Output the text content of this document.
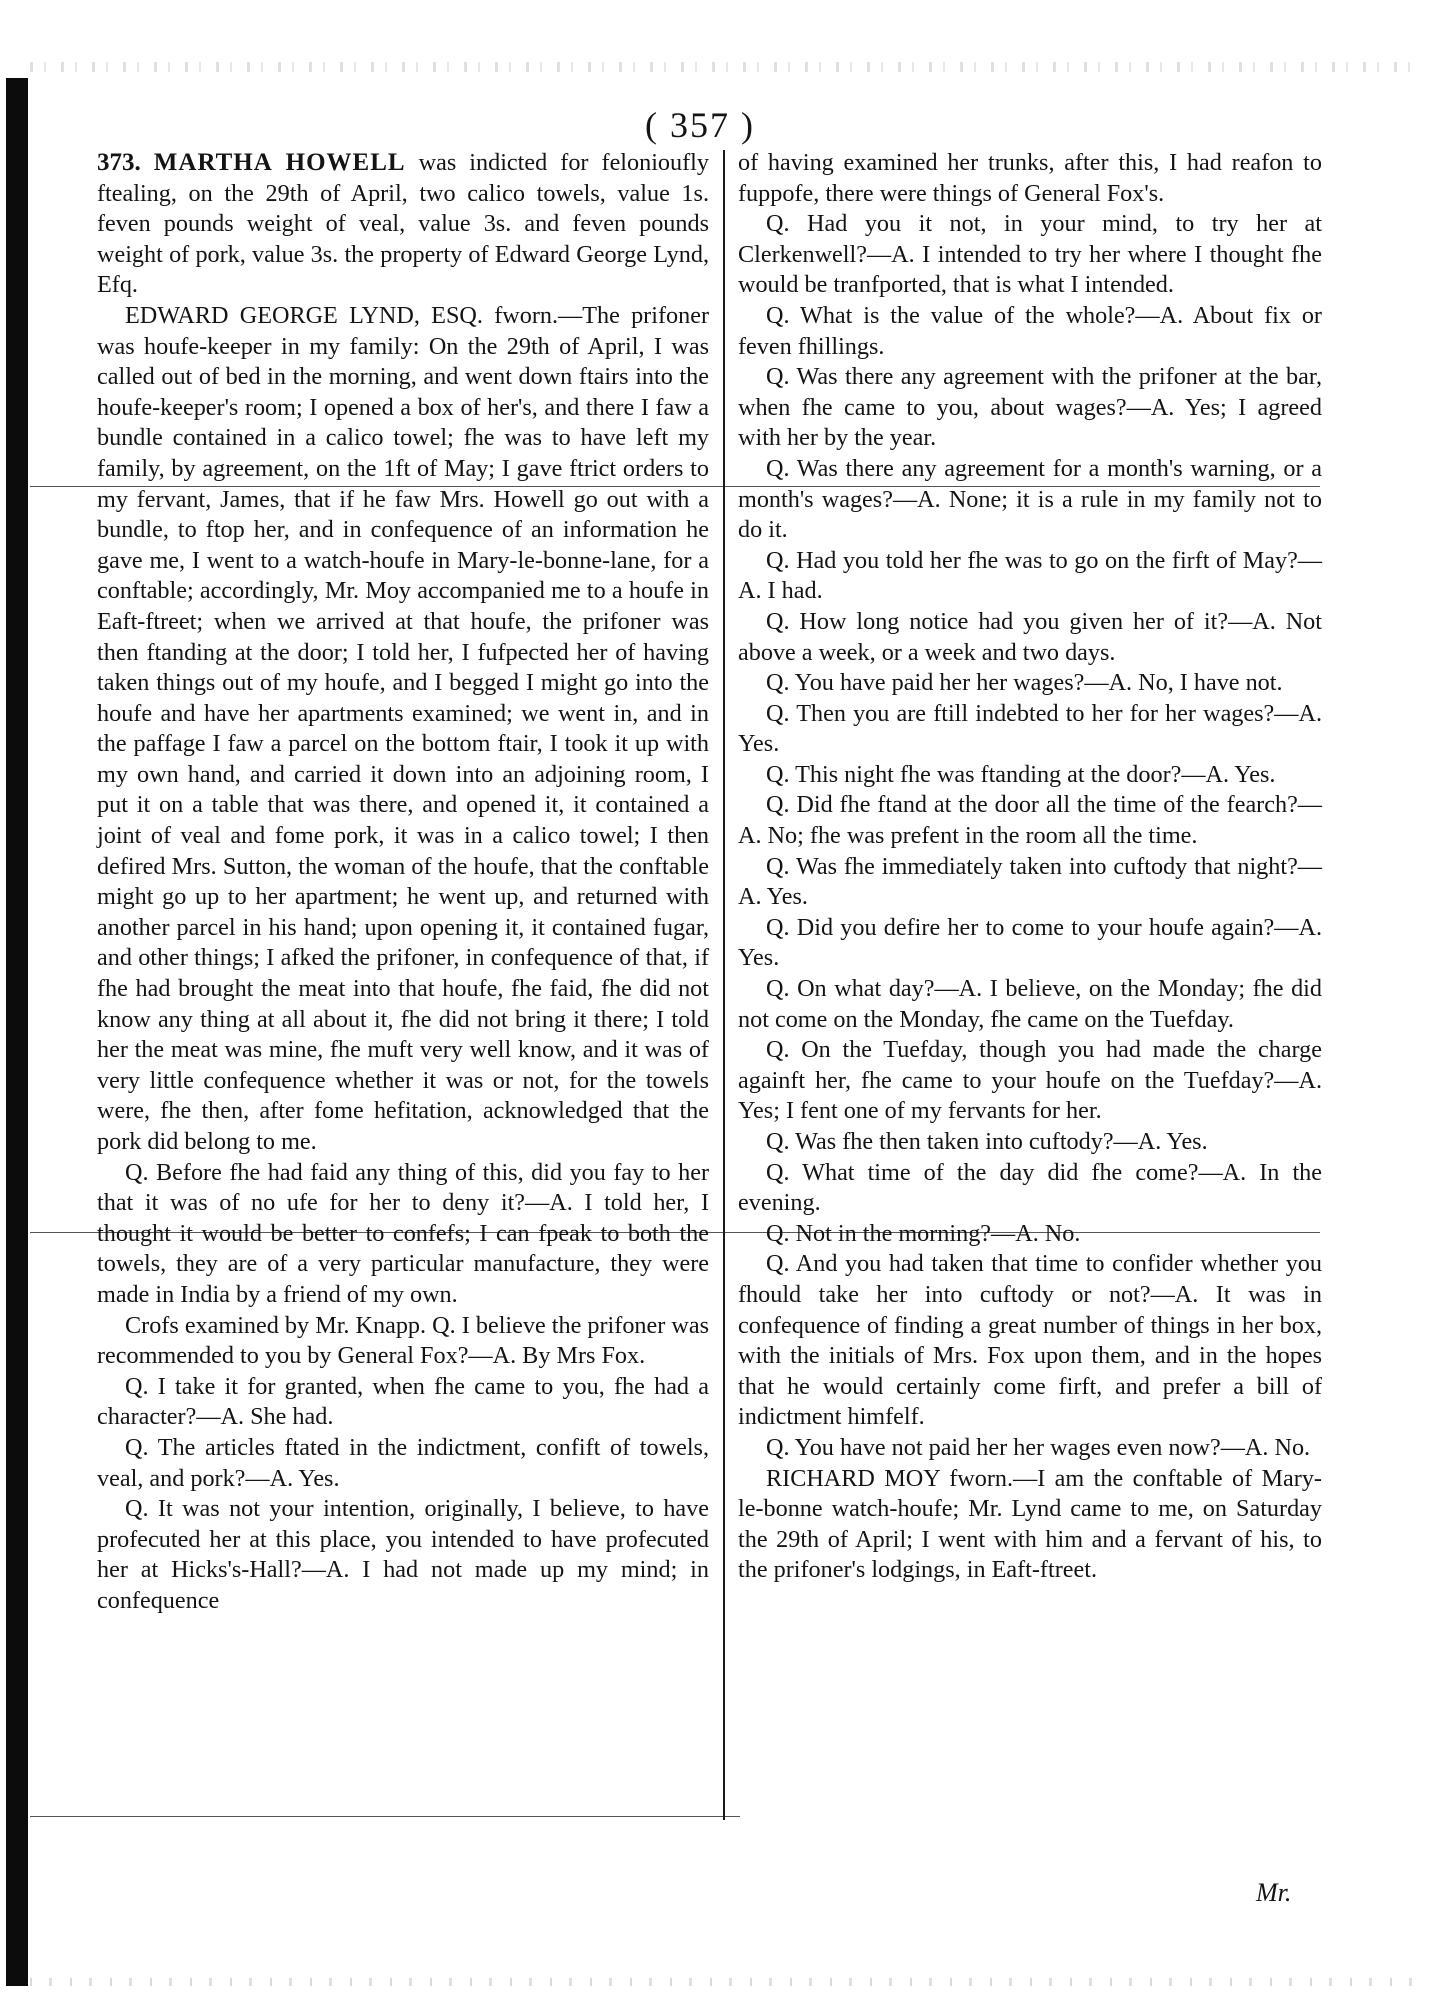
( 357 )

373. MARTHA HOWELL was indicted for felonioufly ftealing, on the 29th of April, two calico towels, value 1s. feven pounds weight of veal, value 3s. and feven pounds weight of pork, value 3s. the property of Edward George Lynd, Efq.

EDWARD GEORGE LYND, ESQ. fworn.—The prifoner was houfe-keeper in my family: On the 29th of April, I was called out of bed in the morning, and went down ftairs into the houfe-keeper's room; I opened a box of her's, and there I faw a bundle contained in a calico towel; fhe was to have left my family, by agreement, on the 1ft of May; I gave ftrict orders to my fervant, James, that if he faw Mrs. Howell go out with a bundle, to ftop her, and in confequence of an information he gave me, I went to a watch-houfe in Mary-le-bonne-lane, for a conftable; accordingly, Mr. Moy accompanied me to a houfe in Eaft-ftreet; when we arrived at that houfe, the prifoner was then ftanding at the door; I told her, I fufpected her of having taken things out of my houfe, and I begged I might go into the houfe and have her apartments examined; we went in, and in the paffage I faw a parcel on the bottom ftair, I took it up with my own hand, and carried it down into an adjoining room, I put it on a table that was there, and opened it, it contained a joint of veal and fome pork, it was in a calico towel; I then defired Mrs. Sutton, the woman of the houfe, that the conftable might go up to her apartment; he went up, and returned with another parcel in his hand; upon opening it, it contained fugar, and other things; I afked the prifoner, in confequence of that, if fhe had brought the meat into that houfe, fhe faid, fhe did not know any thing at all about it, fhe did not bring it there; I told her the meat was mine, fhe muft very well know, and it was of very little confequence whether it was or not, for the towels were, fhe then, after fome hefitation, acknowledged that the pork did belong to me.

Q. Before fhe had faid any thing of this, did you fay to her that it was of no ufe for her to deny it?—A. I told her, I thought it would be better to confefs; I can fpeak to both the towels, they are of a very particular manufacture, they were made in India by a friend of my own.

Crofs examined by Mr. Knapp. Q. I believe the prifoner was recommended to you by General Fox?—A. By Mrs Fox.

Q. I take it for granted, when fhe came to you, fhe had a character?—A. She had.

Q. The articles ftated in the indictment, confift of towels, veal, and pork?—A. Yes.

Q. It was not your intention, originally, I believe, to have profecuted her at this place, you intended to have profecuted her at Hicks's-Hall?—A. I had not made up my mind; in confequence

of having examined her trunks, after this, I had reafon to fuppofe, there were things of General Fox's.

Q. Had you it not, in your mind, to try her at Clerkenwell?—A. I intended to try her where I thought fhe would be tranfported, that is what I intended.

Q. What is the value of the whole?—A. About fix or feven fhillings.

Q. Was there any agreement with the prifoner at the bar, when fhe came to you, about wages?—A. Yes; I agreed with her by the year.

Q. Was there any agreement for a month's warning, or a month's wages?—A. None; it is a rule in my family not to do it.

Q. Had you told her fhe was to go on the firft of May?—A. I had.

Q. How long notice had you given her of it?—A. Not above a week, or a week and two days.

Q. You have paid her her wages?—A. No, I have not.

Q. Then you are ftill indebted to her for her wages?—A. Yes.

Q. This night fhe was ftanding at the door?—A. Yes.

Q. Did fhe ftand at the door all the time of the fearch?—A. No; fhe was prefent in the room all the time.

Q. Was fhe immediately taken into cuftody that night?—A. Yes.

Q. Did you defire her to come to your houfe again?—A. Yes.

Q. On what day?—A. I believe, on the Monday; fhe did not come on the Monday, fhe came on the Tuefday.

Q. On the Tuefday, though you had made the charge againft her, fhe came to your houfe on the Tuefday?—A. Yes; I fent one of my fervants for her.

Q. Was fhe then taken into cuftody?—A. Yes.

Q. What time of the day did fhe come?—A. In the evening.

Q. Not in the morning?—A. No.

Q. And you had taken that time to confider whether you fhould take her into cuftody or not?—A. It was in confequence of finding a great number of things in her box, with the initials of Mrs. Fox upon them, and in the hopes that he would certainly come firft, and prefer a bill of indictment himfelf.

Q. You have not paid her her wages even now?—A. No.

RICHARD MOY fworn.—I am the conftable of Mary-le-bonne watch-houfe; Mr. Lynd came to me, on Saturday the 29th of April; I went with him and a fervant of his, to the prifoner's lodgings, in Eaft-ftreet.

Mr.
